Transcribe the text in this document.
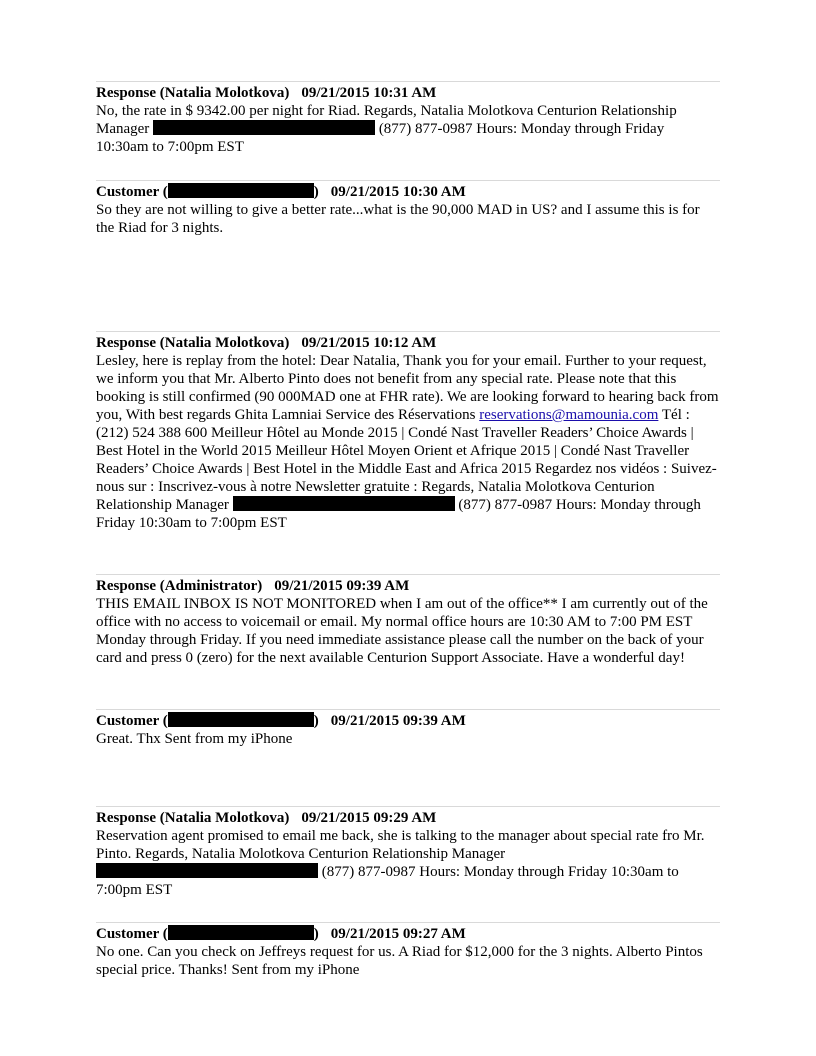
Response (Natalia Molotkova) 09/21/2015 10:31 AM
No, the rate in $ 9342.00 per night for Riad. Regards, Natalia Molotkova Centurion Relationship Manager	(877) 877-0987 Hours: Monday through Friday 10:30am to 7:00pm EST
Customer (	) 09/21/2015 10:30 AM
So they are not willing to give a better rate...what is the 90,000 MAD in US? and I assume this is for the Riad for 3 nights.
Response (Natalia Molotkova) 09/21/2015 10:12 AM
Lesley, here is replay from the hotel: Dear Natalia, Thank you for your email. Further to your request, we inform you that Mr. Alberto Pinto does not benefit from any special rate. Please note that this booking is still confirmed (90 000MAD one at FHR rate). We are looking forward to hearing back from you, With best regards Ghita Lamniai Service des Réservations reservations@mamounia.com Tél : (212) 524 388 600 Meilleur Hôtel au Monde 2015 | Condé Nast Traveller Readers’ Choice Awards | Best Hotel in the World 2015 Meilleur Hôtel Moyen Orient et Afrique 2015 | Condé Nast Traveller Readers’ Choice Awards | Best Hotel in the Middle East and Africa 2015 Regardez nos vidéos : Suivez-nous sur : Inscrivez-vous à notre Newsletter gratuite : Regards, Natalia Molotkova Centurion Relationship Manager	(877) 877-0987 Hours: Monday through Friday 10:30am to 7:00pm EST
Response (Administrator) 09/21/2015 09:39 AM
THIS EMAIL INBOX IS NOT MONITORED when I am out of the office** I am currently out of the office with no access to voicemail or email. My normal office hours are 10:30 AM to 7:00 PM EST Monday through Friday. If you need immediate assistance please call the number on the back of your card and press 0 (zero) for the next available Centurion Support Associate. Have a wonderful day!
Customer (	) 09/21/2015 09:39 AM
Great. Thx Sent from my iPhone
Response (Natalia Molotkova) 09/21/2015 09:29 AM
Reservation agent promised to email me back, she is talking to the manager about special rate fro Mr. Pinto. Regards, Natalia Molotkova Centurion Relationship Manager  (877) 877-0987 Hours: Monday through Friday 10:30am to 7:00pm EST
Customer (	) 09/21/2015 09:27 AM
No one. Can you check on Jeffreys request for us. A Riad for $12,000 for the 3 nights. Alberto Pintos special price. Thanks! Sent from my iPhone
